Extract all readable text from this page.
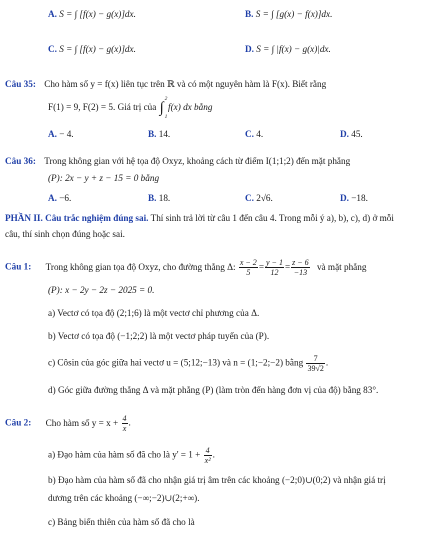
A. S = ∫ [f(x) − g(x)]dx.	B. S = ∫ [g(x) − f(x)]dx.
C. S = ∫ [f(x) − g(x)]dx.	D. S = ∫ |f(x) − g(x)|dx.
Câu 35: Cho hàm số y = f(x) liên tục trên ℝ và có một nguyên hàm là F(x). Biết rằng
F(1) = 9, F(2) = 5. Giá trị của ∫
2
1
f(x) dx bằng
A. − 4.	B. 14.	C. 4.	D. 45.
Câu 36: Trong không gian với hệ tọa độ Oxyz, khoảng cách từ điểm I(1;1;2) đến mặt phẳng
(P): 2x − y + z − 15 = 0 bằng
A. −6.	B. 18.	C. 2√6.	D. −18.
PHẦN II. Câu trắc nghiệm đúng sai. Thí sinh trả lời từ câu 1 đến câu 4. Trong mỗi ý a), b), c), d) ở mỗi
câu, thí sinh chọn đúng hoặc sai.
Câu 1: Trong không gian tọa độ Oxyz, cho đường thẳng Δ: $\frac{x - 2}{5} = \frac{y - 1}{12} = \frac{z - 6}{-13}$ và mặt phẳng
(P): x − 2y − 2z − 2025 = 0.
a) Vectơ có tọa độ (2;1;6) là một vectơ chỉ phương của Δ.
b) Vectơ có tọa độ (−1;2;2) là một vectơ pháp tuyến của (P).
c) Côsin của góc giữa hai vectơ u = (5;12;−13) và n = (1;−2;−2) bằng $\frac{7}{39√2}$ .
d) Góc giữa đường thẳng Δ và mặt phẳng (P) (làm tròn đến hàng đơn vị của độ) bằng 83°.
Câu 2: Cho hàm số $y = x + \frac{4}{x}$ .
a) Đạo hàm của hàm số đã cho là $y' = 1 + \frac{4}{\text{x²}}$ .
b) Đạo hàm của hàm số đã cho nhận giá trị âm trên các khoảng (−2;0)∪(0;2) và nhận giá trị
dương trên các khoảng (−∞;−2)∪(2;+∞).
c) Bảng biến thiên của hàm số đã cho là
